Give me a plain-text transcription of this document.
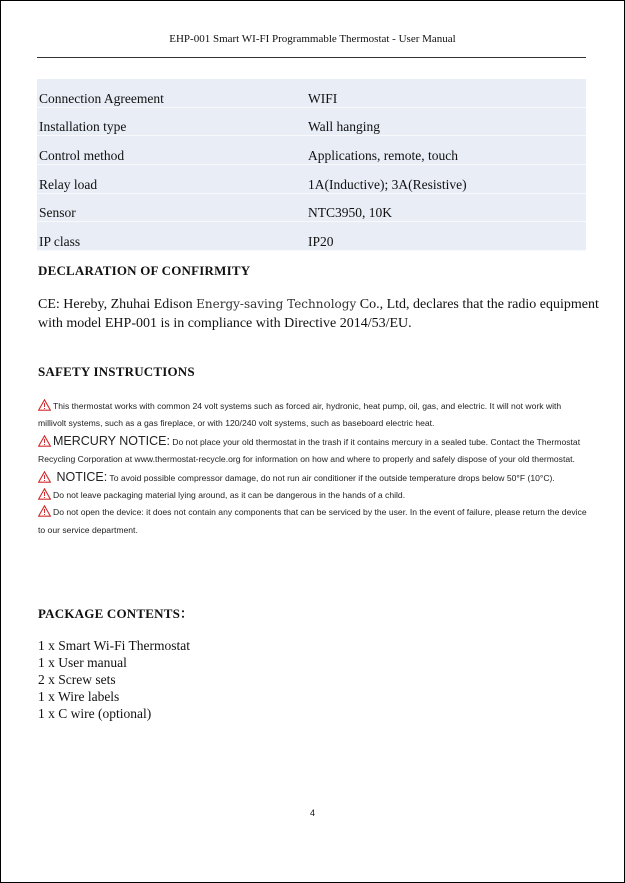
EHP-001 Smart WI-FI Programmable Thermostat - User Manual
Connection Agreement	WIFI
Installation type	Wall hanging
Control method	Applications, remote, touch
Relay load	1A(Inductive); 3A(Resistive)
Sensor	NTC3950, 10K
IP class	IP20
DECLARATION OF CONFIRMITY
CE: Hereby, Zhuhai Edison Energy-saving Technology Co., Ltd, declares that the radio equipment with model EHP-001 is in compliance with Directive 2014/53/EU.
SAFETY INSTRUCTIONS
This thermostat works with common 24 volt systems such as forced air, hydronic, heat pump, oil, gas, and electric. It will not work with millivolt systems, such as a gas fireplace, or with 120/240 volt systems, such as baseboard electric heat.
MERCURY NOTICE: Do not place your old thermostat in the trash if it contains mercury in a sealed tube. Contact the Thermostat Recycling Corporation at www.thermostat-recycle.org for information on how and where to properly and safely dispose of your old thermostat.
NOTICE: To avoid possible compressor damage, do not run air conditioner if the outside temperature drops below 50°F (10°C).
Do not leave packaging material lying around, as it can be dangerous in the hands of a child.
Do not open the device: it does not contain any components that can be serviced by the user. In the event of failure, please return the device to our service department.
PACKAGE CONTENTS：
1 x Smart Wi-Fi Thermostat
1 x User manual
2 x Screw sets
1 x Wire labels
1 x C wire (optional)
4
